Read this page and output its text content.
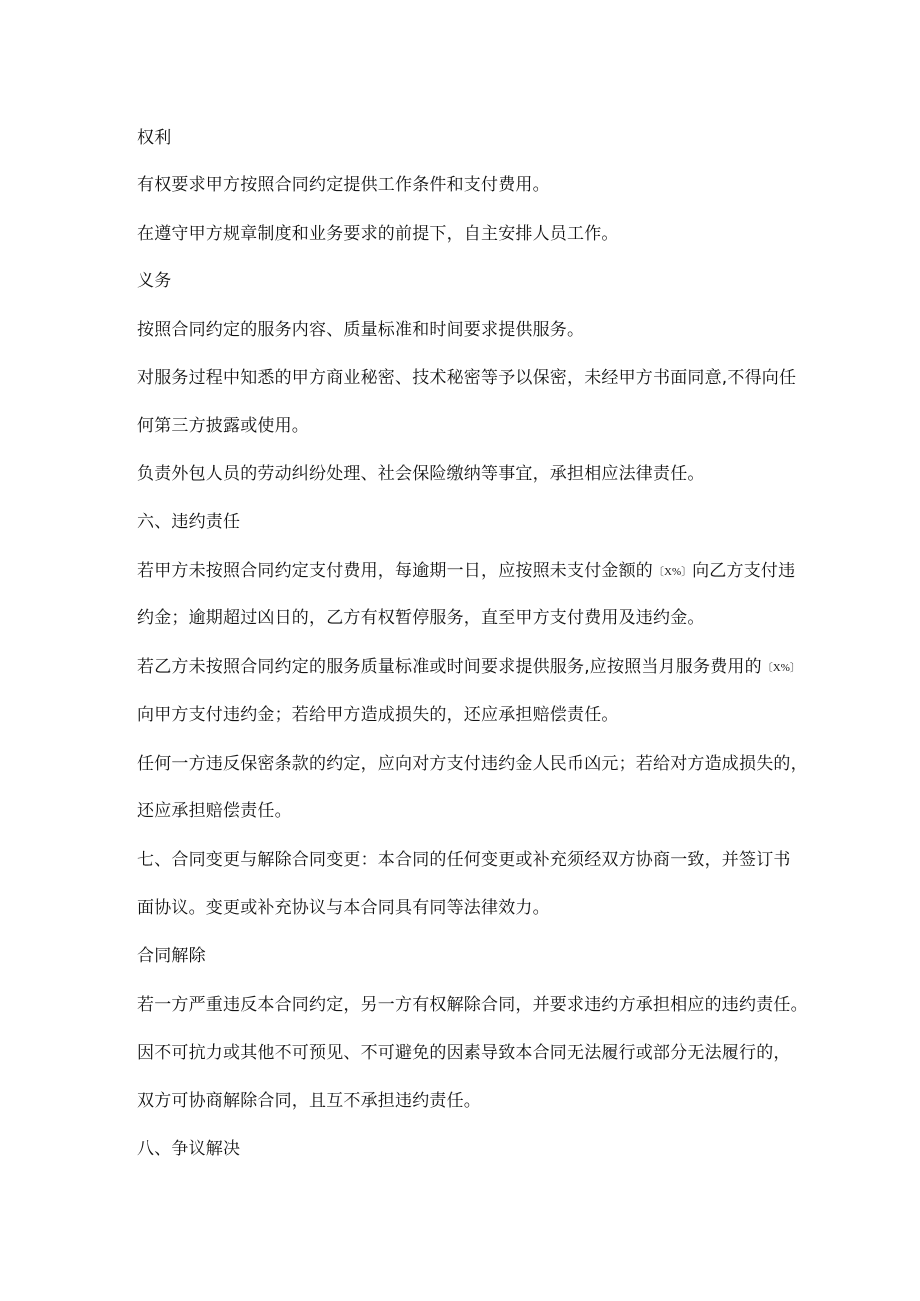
权利
有权要求甲方按照合同约定提供工作条件和支付费用。
在遵守甲方规章制度和业务要求的前提下，自主安排人员工作。
义务
按照合同约定的服务内容、质量标准和时间要求提供服务。
对服务过程中知悉的甲方商业秘密、技术秘密等予以保密，未经甲方书面同意,不得向任
何第三方披露或使用。
负责外包人员的劳动纠纷处理、社会保险缴纳等事宜，承担相应法律责任。
六、违约责任
若甲方未按照合同约定支付费用，每逾期一日，应按照未支付金额的〔X%〕向乙方支付违
约金；逾期超过凶日的，乙方有权暂停服务，直至甲方支付费用及违约金。
若乙方未按照合同约定的服务质量标准或时间要求提供服务,应按照当月服务费用的〔X%〕
向甲方支付违约金；若给甲方造成损失的，还应承担赔偿责任。
任何一方违反保密条款的约定，应向对方支付违约金人民币凶元；若给对方造成损失的，
还应承担赔偿责任。
七、合同变更与解除合同变更：本合同的任何变更或补充须经双方协商一致，并签订书
面协议。变更或补充协议与本合同具有同等法律效力。
合同解除
若一方严重违反本合同约定，另一方有权解除合同，并要求违约方承担相应的违约责任。
因不可抗力或其他不可预见、不可避免的因素导致本合同无法履行或部分无法履行的，
双方可协商解除合同，且互不承担违约责任。
八、争议解决
